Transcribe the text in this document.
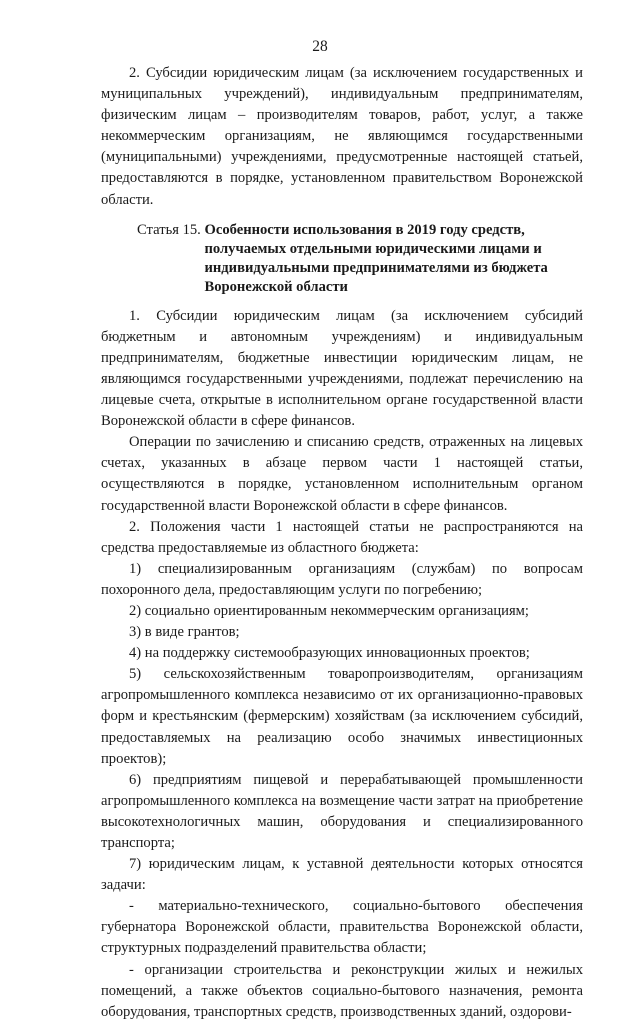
28

2. Субсидии юридическим лицам (за исключением государственных и муниципальных учреждений), индивидуальным предпринимателям, физическим лицам – производителям товаров, работ, услуг, а также некоммерческим организациям, не являющимся государственными (муниципальными) учреждениями, предусмотренные настоящей статьей, предоставляются в порядке, установленном правительством Воронежской области.

Статья 15. Особенности использования в 2019 году средств, получаемых отдельными юридическими лицами и индивидуальными предпринимателями из бюджета Воронежской области

1. Субсидии юридическим лицам (за исключением субсидий бюджетным и автономным учреждениям) и индивидуальным предпринимателям, бюджетные инвестиции юридическим лицам, не являющимся государственными учреждениями, подлежат перечислению на лицевые счета, открытые в исполнительном органе государственной власти Воронежской области в сфере финансов.

Операции по зачислению и списанию средств, отраженных на лицевых счетах, указанных в абзаце первом части 1 настоящей статьи, осуществляются в порядке, установленном исполнительным органом государственной власти Воронежской области в сфере финансов.

2. Положения части 1 настоящей статьи не распространяются на средства предоставляемые из областного бюджета:

1) специализированным организациям (службам) по вопросам похоронного дела, предоставляющим услуги по погребению;

2) социально ориентированным некоммерческим организациям;

3) в виде грантов;

4) на поддержку системообразующих инновационных проектов;

5) сельскохозяйственным товаропроизводителям, организациям агропромышленного комплекса независимо от их организационно-правовых форм и крестьянским (фермерским) хозяйствам (за исключением субсидий, предоставляемых на реализацию особо значимых инвестиционных проектов);

6) предприятиям пищевой и перерабатывающей промышленности агропромышленного комплекса на возмещение части затрат на приобретение высокотехнологичных машин, оборудования и специализированного транспорта;

7) юридическим лицам, к уставной деятельности которых относятся задачи:

- материально-технического, социально-бытового обеспечения губернатора Воронежской области, правительства Воронежской области, структурных подразделений правительства области;

- организации строительства и реконструкции жилых и нежилых помещений, а также объектов социально-бытового назначения, ремонта оборудования, транспортных средств, производственных зданий, оздорови-
